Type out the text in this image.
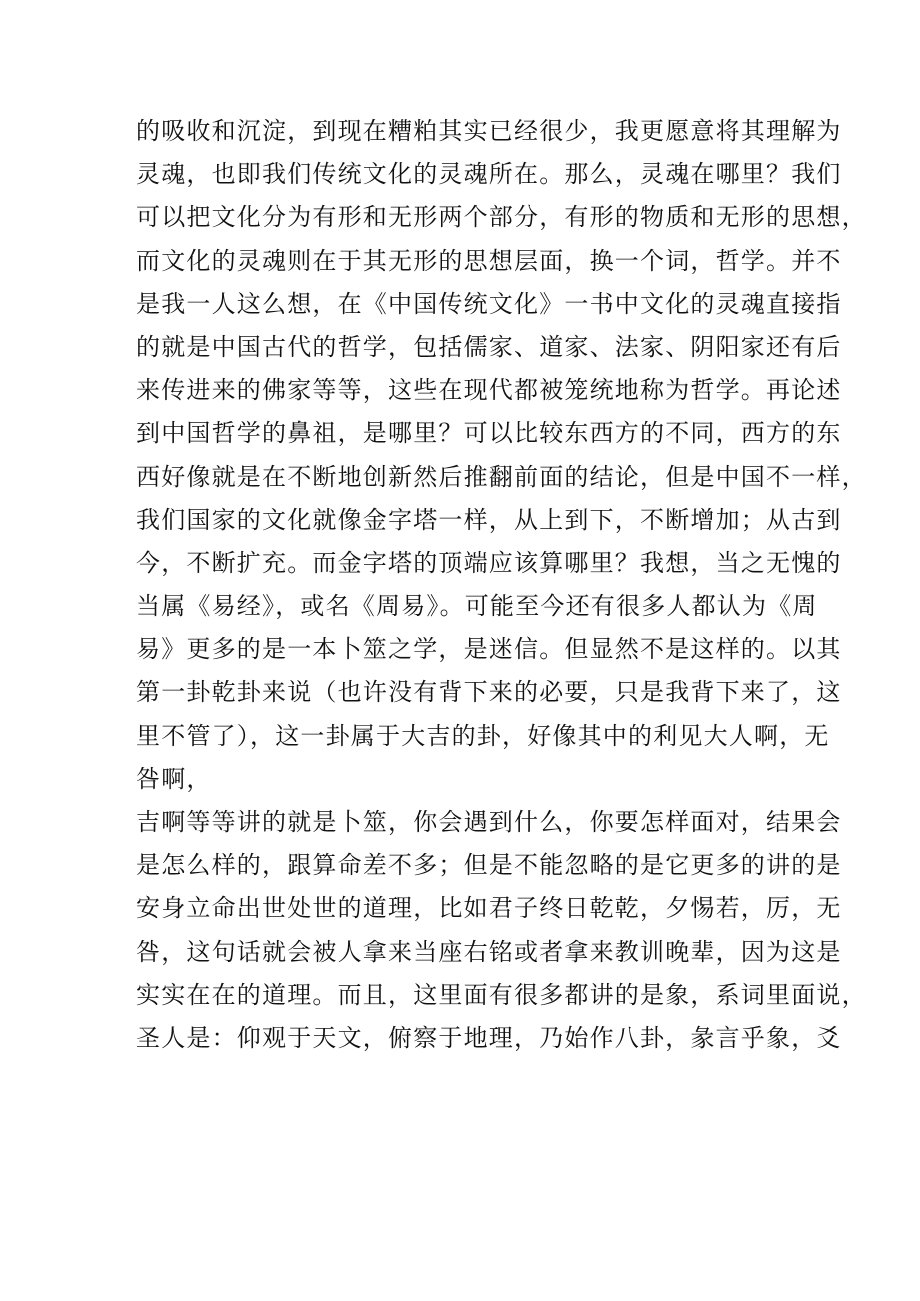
的吸收和沉淀，到现在糟粕其实已经很少，我更愿意将其理解为
灵魂，也即我们传统文化的灵魂所在。那么，灵魂在哪里？我们
可以把文化分为有形和无形两个部分，有形的物质和无形的思想，
而文化的灵魂则在于其无形的思想层面，换一个词，哲学。并不
是我一人这么想，在《中国传统文化》一书中文化的灵魂直接指
的就是中国古代的哲学，包括儒家、道家、法家、阴阳家还有后
来传进来的佛家等等，这些在现代都被笼统地称为哲学。再论述
到中国哲学的鼻祖，是哪里？可以比较东西方的不同，西方的东
西好像就是在不断地创新然后推翻前面的结论，但是中国不一样，
我们国家的文化就像金字塔一样，从上到下，不断增加；从古到
今，不断扩充。而金字塔的顶端应该算哪里？我想，当之无愧的
当属《易经》，或名《周易》。可能至今还有很多人都认为《周
易》更多的是一本卜筮之学，是迷信。但显然不是这样的。以其
第一卦乾卦来说（也许没有背下来的必要，只是我背下来了，这
里不管了），这一卦属于大吉的卦，好像其中的利见大人啊，无
咎啊，
吉啊等等讲的就是卜筮，你会遇到什么，你要怎样面对，结果会
是怎么样的，跟算命差不多；但是不能忽略的是它更多的讲的是
安身立命出世处世的道理，比如君子终日乾乾，夕惕若，厉，无
咎，这句话就会被人拿来当座右铭或者拿来教训晚辈，因为这是
实实在在的道理。而且，这里面有很多都讲的是象，系词里面说，
圣人是：仰观于天文，俯察于地理，乃始作八卦，彖言乎象，爻
